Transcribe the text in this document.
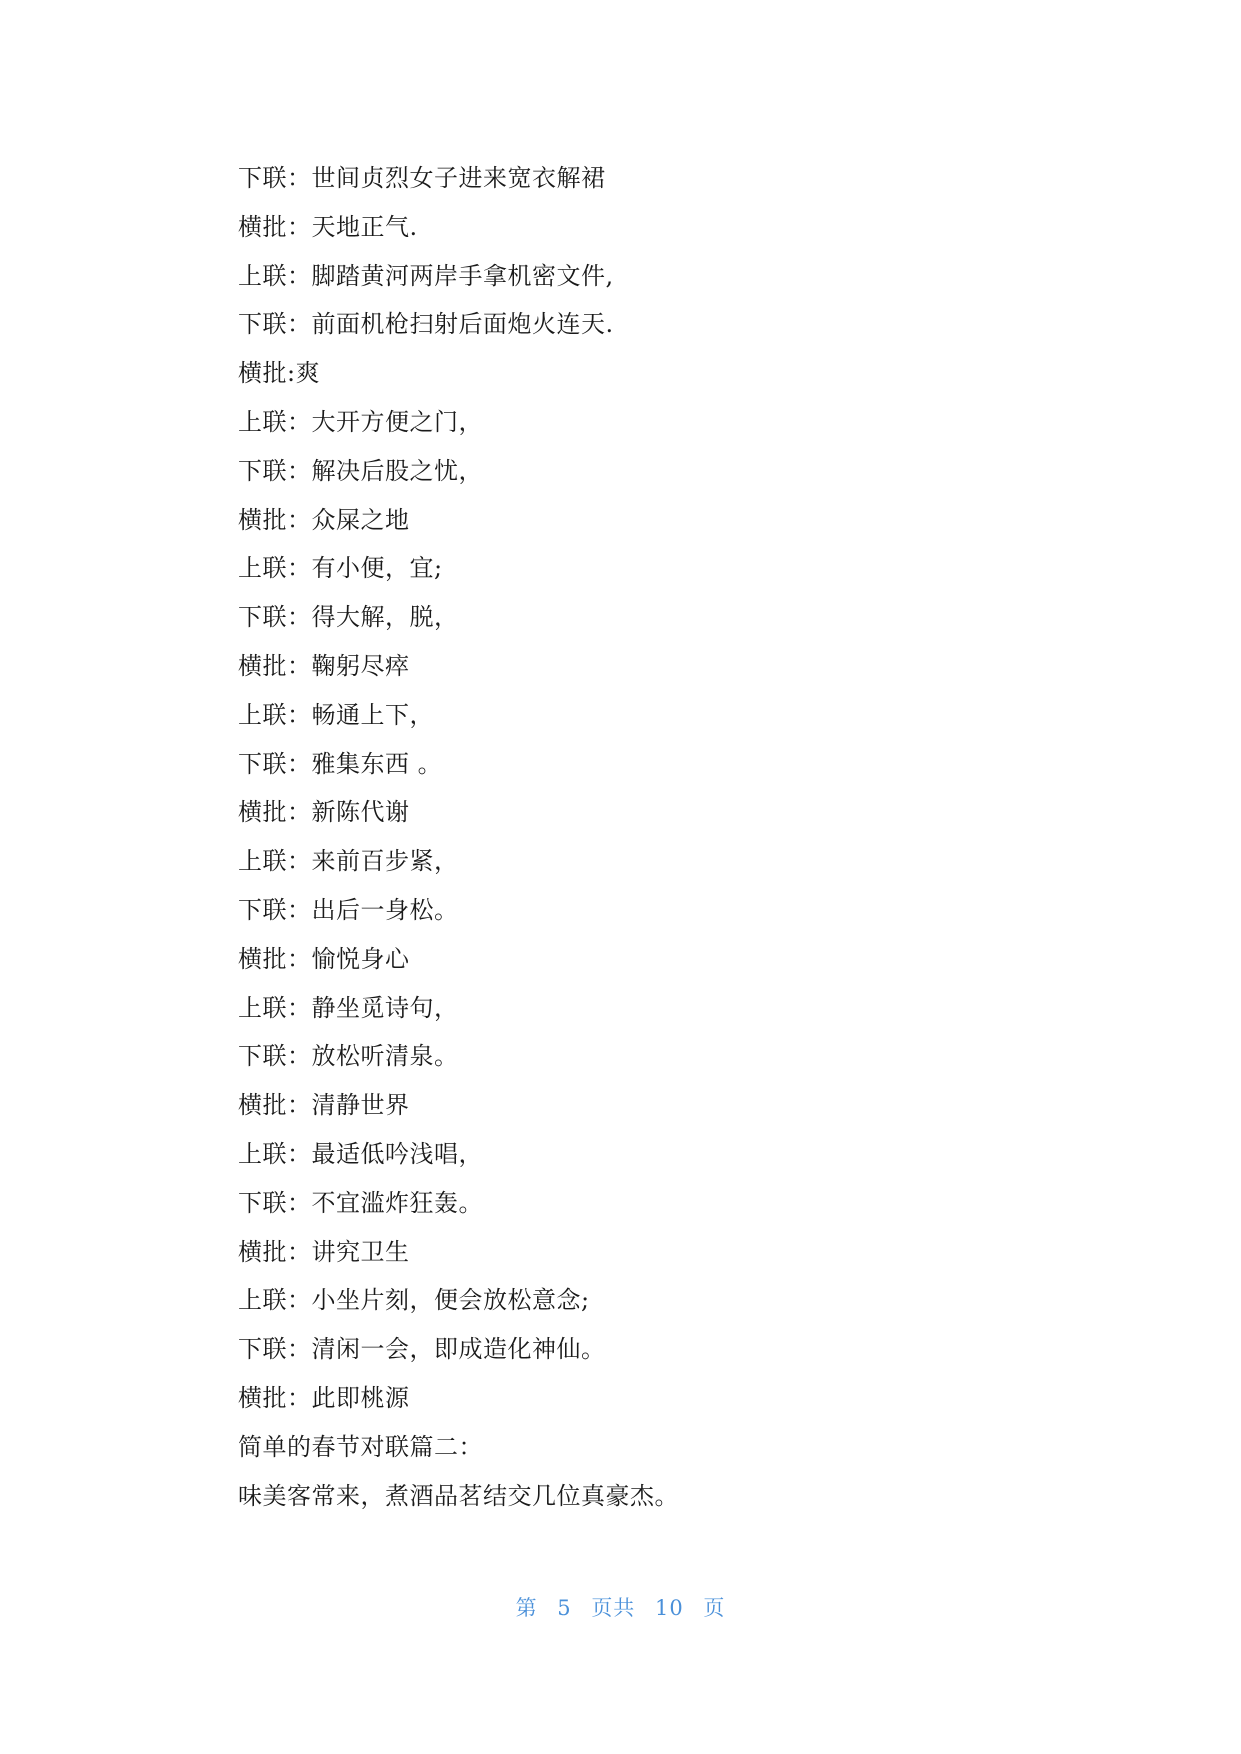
下联：世间贞烈女子进来宽衣解裙
横批：天地正气.
上联：脚踏黄河两岸手拿机密文件,
下联：前面机枪扫射后面炮火连天.
横批:爽
上联：大开方便之门，
下联：解决后股之忧，
横批：众屎之地
上联：有小便，宜;
下联：得大解，脱，
横批：鞠躬尽瘁
上联：畅通上下，
下联：雅集东西 。
横批：新陈代谢
上联：来前百步紧，
下联：出后一身松。
横批：愉悦身心
上联：静坐觅诗句，
下联：放松听清泉。
横批：清静世界
上联：最适低吟浅唱，
下联：不宜滥炸狂轰。
横批：讲究卫生
上联：小坐片刻，便会放松意念;
下联：清闲一会，即成造化神仙。
横批：此即桃源
简单的春节对联篇二：
味美客常来，煮酒品茗结交几位真豪杰。
第 5 页共 10 页
